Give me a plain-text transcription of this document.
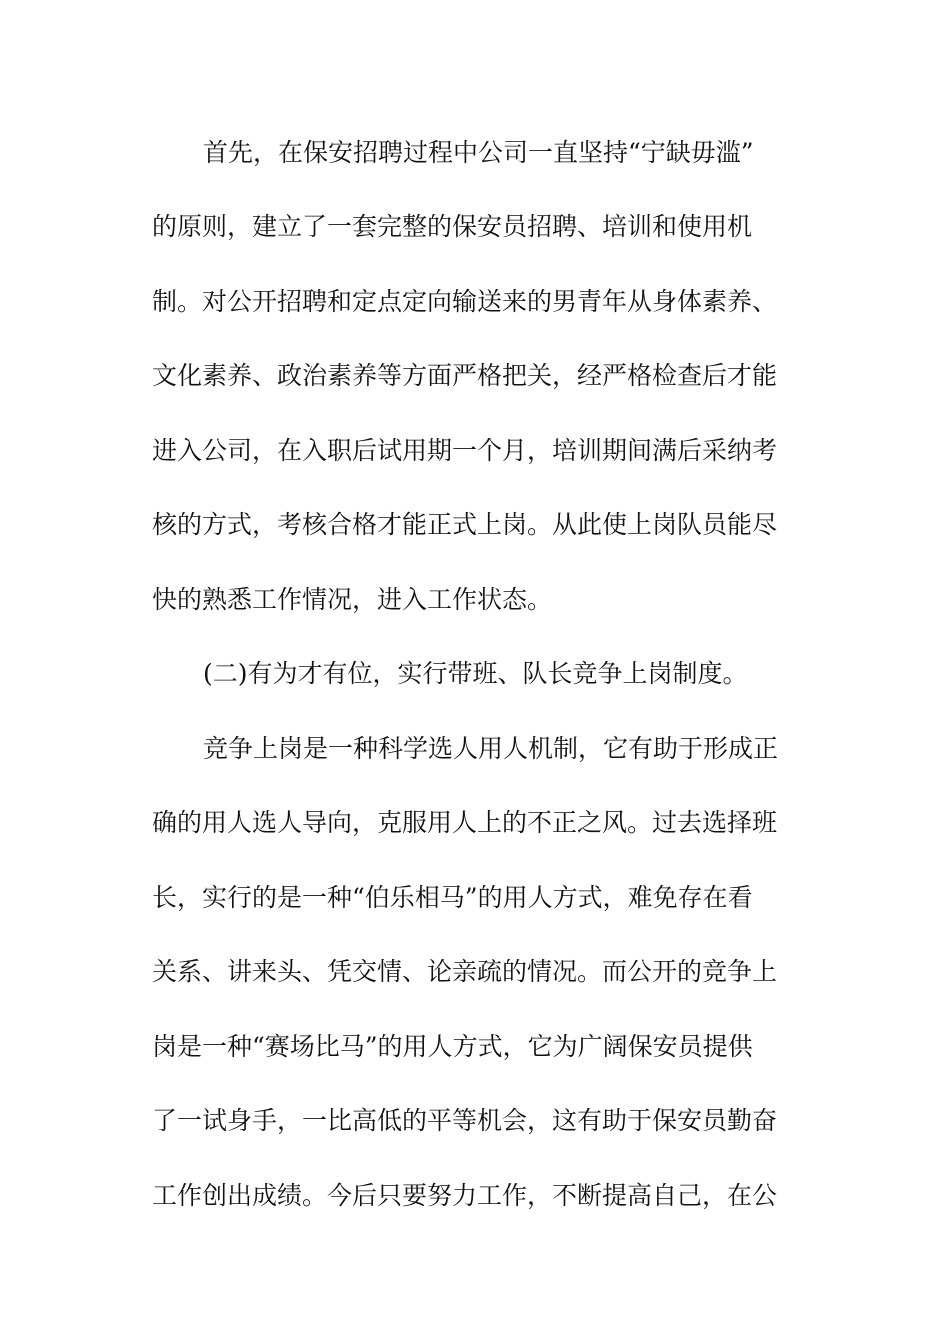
首先，在保安招聘过程中公司一直坚持“宁缺毋滥”
的原则，建立了一套完整的保安员招聘、培训和使用机
制。对公开招聘和定点定向输送来的男青年从身体素养、
文化素养、政治素养等方面严格把关，经严格检查后才能
进入公司，在入职后试用期一个月，培训期间满后采纳考
核的方式，考核合格才能正式上岗。从此使上岗队员能尽
快的熟悉工作情况，进入工作状态。
(二)有为才有位，实行带班、队长竞争上岗制度。
竞争上岗是一种科学选人用人机制，它有助于形成正
确的用人选人导向，克服用人上的不正之风。过去选择班
长，实行的是一种“伯乐相马”的用人方式，难免存在看
关系、讲来头、凭交情、论亲疏的情况。而公开的竞争上
岗是一种“赛场比马”的用人方式，它为广阔保安员提供
了一试身手，一比高低的平等机会，这有助于保安员勤奋
工作创出成绩。今后只要努力工作，不断提高自己，在公
